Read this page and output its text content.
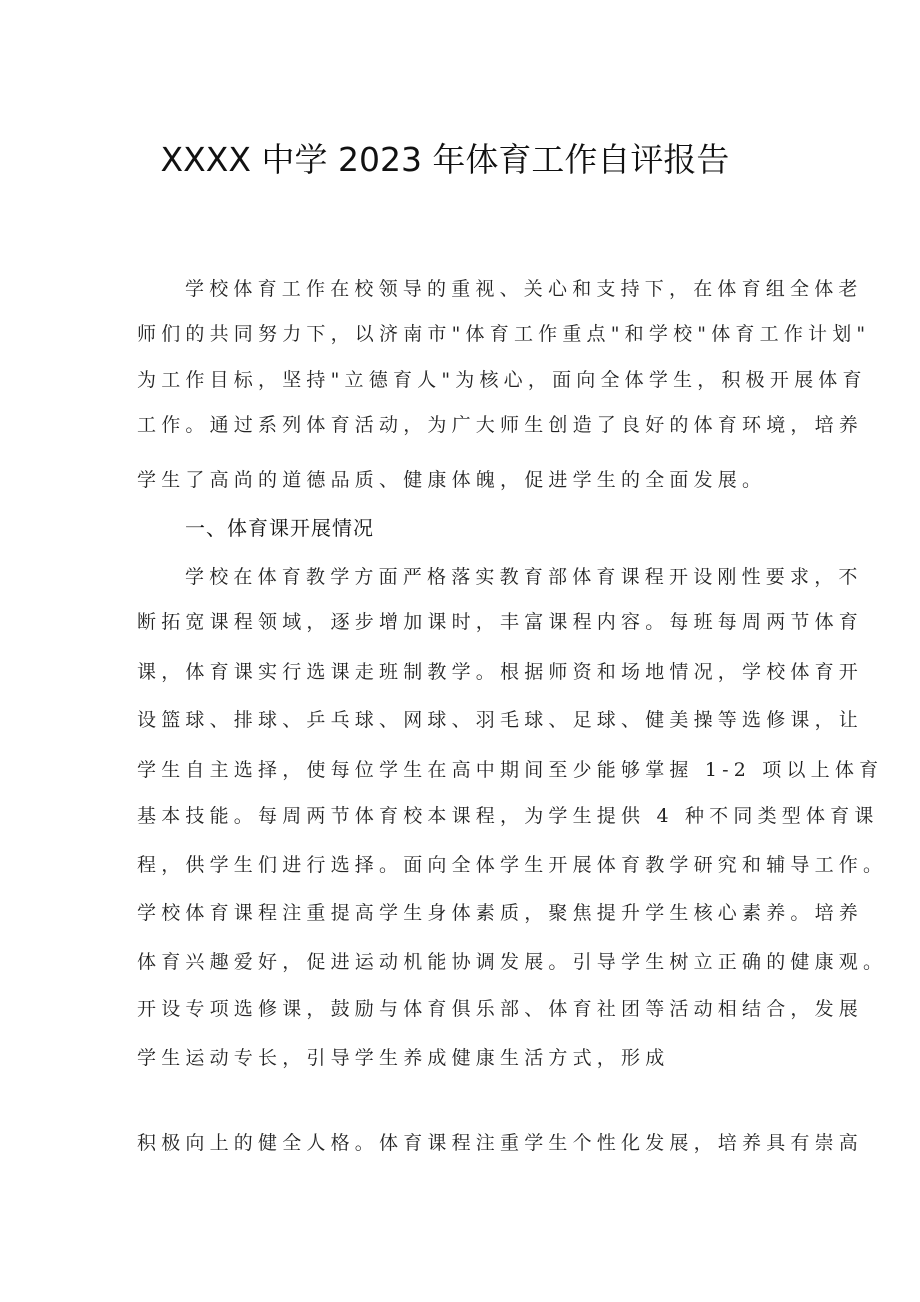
XXXX 中学 2023 年体育工作自评报告
学校体育工作在校领导的重视、关心和支持下，在体育组全体老
师们的共同努力下，以济南市"体育工作重点"和学校"体育工作计划"
为工作目标，坚持"立德育人"为核心，面向全体学生，积极开展体育
工作。通过系列体育活动，为广大师生创造了良好的体育环境，培养
学生了高尚的道德品质、健康体魄，促进学生的全面发展。
一、体育课开展情况
学校在体育教学方面严格落实教育部体育课程开设刚性要求，不
断拓宽课程领域，逐步增加课时，丰富课程内容。每班每周两节体育
课，体育课实行选课走班制教学。根据师资和场地情况，学校体育开
设篮球、排球、乒乓球、网球、羽毛球、足球、健美操等选修课，让
学生自主选择，使每位学生在高中期间至少能够掌握 1-2 项以上体育
基本技能。每周两节体育校本课程，为学生提供 4 种不同类型体育课
程，供学生们进行选择。面向全体学生开展体育教学研究和辅导工作。
学校体育课程注重提高学生身体素质，聚焦提升学生核心素养。培养
体育兴趣爱好，促进运动机能协调发展。引导学生树立正确的健康观。
开设专项选修课，鼓励与体育俱乐部、体育社团等活动相结合，发展
学生运动专长，引导学生养成健康生活方式，形成
积极向上的健全人格。体育课程注重学生个性化发展，培养具有崇高
